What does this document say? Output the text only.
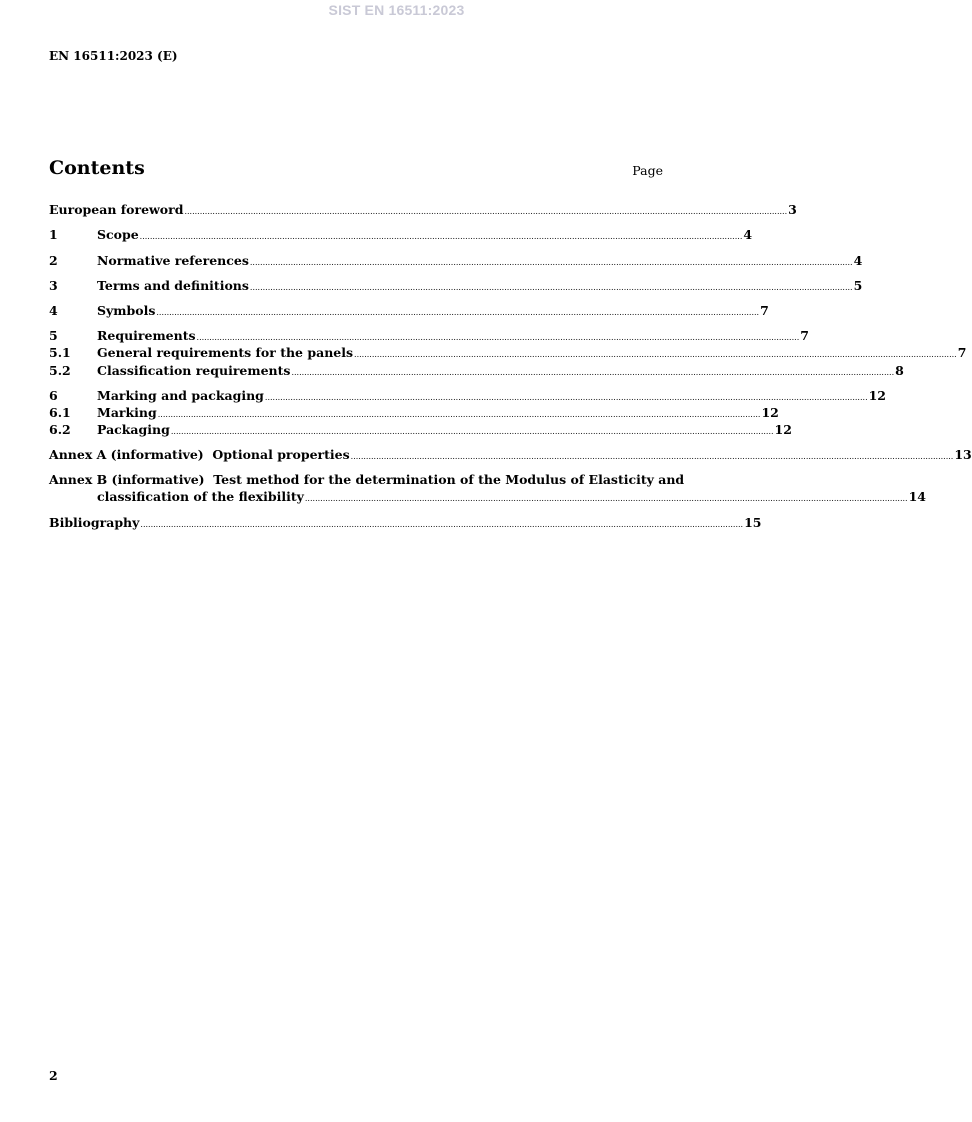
SIST EN 16511:2023
EN 16511:2023 (E)
Contents	Page
European foreword ............................................................................................................................................................................................................................................. 3
1	Scope ............................................................................................................................................................................................................................................. 4
2	Normative references ............................................................................................................................................................................................................................................. 4
3	Terms and definitions ............................................................................................................................................................................................................................................. 5
4	Symbols ............................................................................................................................................................................................................................................. 7
5	Requirements ............................................................................................................................................................................................................................................. 7
5.1	General requirements for the panels ............................................................................................................................................................................................................................................. 7
5.2	Classification requirements ............................................................................................................................................................................................................................................. 8
6	Marking and packaging ............................................................................................................................................................................................................................................. 12
6.1	Marking ............................................................................................................................................................................................................................................. 12
6.2	Packaging ............................................................................................................................................................................................................................................. 12
Annex A (informative)  Optional properties ............................................................................................................................................................................................................................................. 13
Annex B (informative)  Test method for the determination of the Modulus of Elasticity and
classification of the flexibility ............................................................................................................................................................................................................................................. 14
Bibliography ............................................................................................................................................................................................................................................. 15
2
